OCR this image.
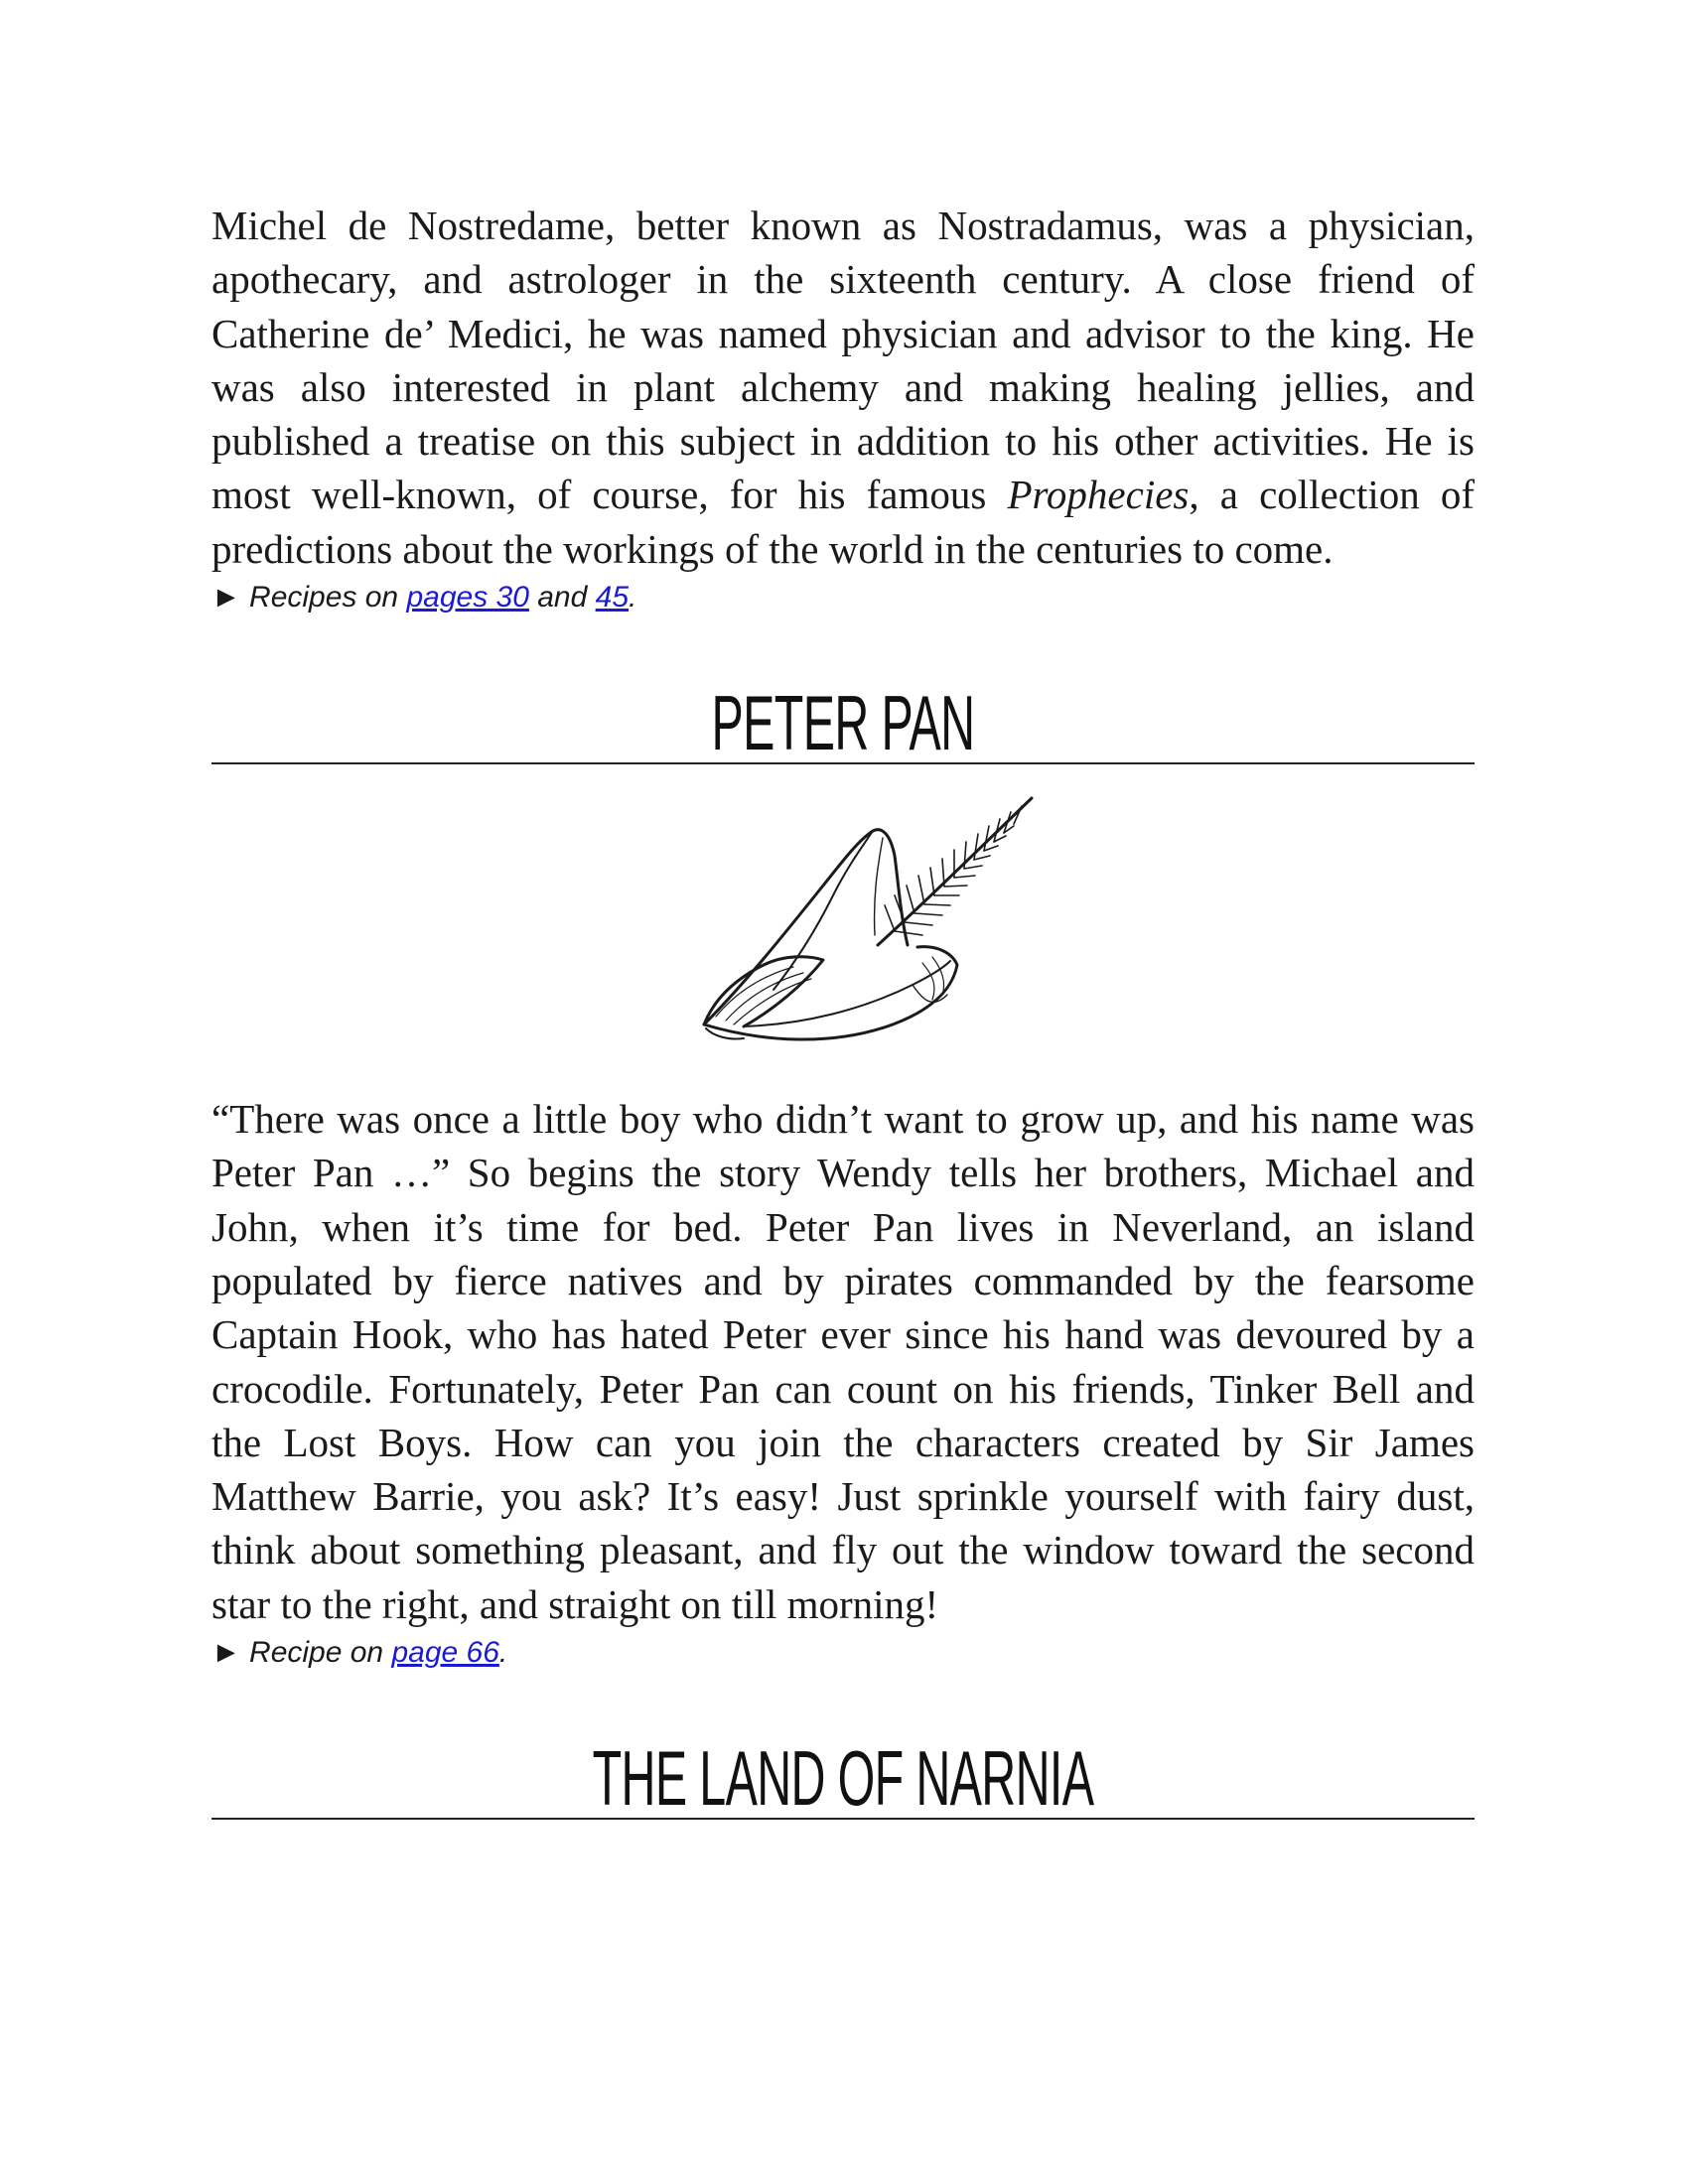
Michel de Nostredame, better known as Nostradamus, was a physician, apothecary, and astrologer in the sixteenth century. A close friend of Catherine de’ Medici, he was named physician and advisor to the king. He was also interested in plant alchemy and making healing jellies, and published a treatise on this subject in addition to his other activities. He is most well-known, of course, for his famous Prophecies, a collection of predictions about the workings of the world in the centuries to come.

► Recipes on pages 30 and 45.

PETER PAN

“There was once a little boy who didn’t want to grow up, and his name was Peter Pan …” So begins the story Wendy tells her brothers, Michael and John, when it’s time for bed. Peter Pan lives in Neverland, an island populated by fierce natives and by pirates commanded by the fearsome Captain Hook, who has hated Peter ever since his hand was devoured by a crocodile. Fortunately, Peter Pan can count on his friends, Tinker Bell and the Lost Boys. How can you join the characters created by Sir James Matthew Barrie, you ask? It’s easy! Just sprinkle yourself with fairy dust, think about something pleasant, and fly out the window toward the second star to the right, and straight on till morning!

► Recipe on page 66.

THE LAND OF NARNIA
